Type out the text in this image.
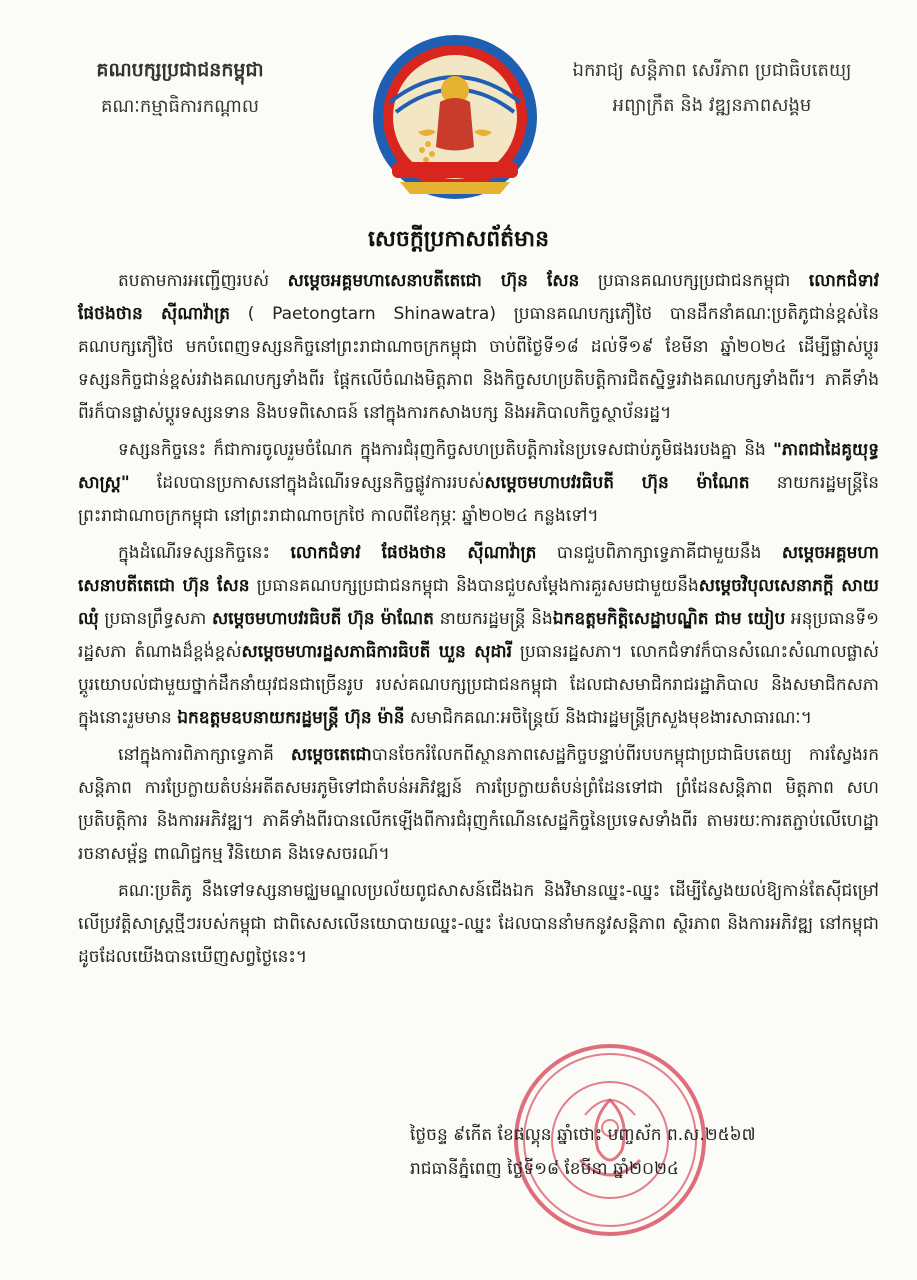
គណបក្សប្រជាជនកម្ពុជា
គណៈកម្មាធិការកណ្តាល
ឯករាជ្យ សន្តិភាព សេរីភាព ប្រជាធិបតេយ្យ
អព្យាក្រឹត និង វឌ្ឍនភាពសង្គម
សេចក្តីប្រកាសព័ត៌មាន

តបតាមការអញ្ជើញរបស់ សម្តេចអគ្គមហាសេនាបតីតេជោ ហ៊ុន សែន ប្រធានគណបក្សប្រជាជនកម្ពុជា លោកជំទាវ ផែថងថាន ស៊ីណាវ៉ាត្រ ( Paetongtarn Shinawatra) ប្រធានគណបក្សភឿថៃ បានដឹកនាំគណៈប្រតិភូជាន់ខ្ពស់នៃគណបក្សភឿថៃ មកបំពេញទស្សនកិច្ចនៅព្រះរាជាណាចក្រកម្ពុជា ចាប់ពីថ្ងៃទី១៨ ដល់ទី១៩ ខែមីនា ឆ្នាំ២០២៤ ដើម្បីផ្លាស់ប្តូរទស្សនកិច្ចជាន់ខ្ពស់រវាងគណបក្សទាំងពីរ ផ្តែកលើចំណងមិត្តភាព និងកិច្ចសហប្រតិបត្តិការជិតស្និទ្ធរវាងគណបក្សទាំងពីរ។ ភាគីទាំងពីរក៏បានផ្លាស់ប្តូរទស្សនទាន និងបទពិសោធន៍ នៅក្នុងការកសាងបក្ស និងអភិបាលកិច្ចស្ថាប័នរដ្ឋ។

ទស្សនកិច្ចនេះ ក៏ជាការចូលរួមចំណែក ក្នុងការជំរុញកិច្ចសហប្រតិបត្តិការនៃប្រទេសជាប់ភូមិផងរបងគ្នា និង "ភាពជាដៃគូយុទ្ធសាស្ត្រ" ដែលបានប្រកាសនៅក្នុងដំណើរទស្សនកិច្ចផ្លូវការរបស់សម្តេចមហាបវរធិបតី ហ៊ុន ម៉ាណែត នាយករដ្ឋមន្ត្រីនៃព្រះរាជាណាចក្រកម្ពុជា នៅព្រះរាជាណាចក្រថៃ កាលពីខែកុម្ភៈ ឆ្នាំ២០២៤ កន្លងទៅ។

ក្នុងដំណើរទស្សនកិច្ចនេះ លោកជំទាវ ផែថងថាន ស៊ីណាវ៉ាត្រ បានជួបពិភាក្សាទ្វេភាគីជាមួយនឹង សម្តេចអគ្គមហាសេនាបតីតេជោ ហ៊ុន សែន ប្រធានគណបក្សប្រជាជនកម្ពុជា និងបានជួបសម្តែងការគួរសមជាមួយនឹងសម្តេចវិបុលសេនាភក្តី សាយ ឈុំ ប្រធានព្រឹទ្ធសភា សម្តេចមហាបវរធិបតី ហ៊ុន ម៉ាណែត នាយករដ្ឋមន្ត្រី និងឯកឧត្តមកិត្តិសេដ្ឋាបណ្ឌិត ជាម យៀប អនុប្រធានទី១ រដ្ឋសភា តំណាងដ៏ខ្ពង់ខ្ពស់សម្តេចមហារដ្ឋសភាធិការធិបតី ឃួន សុដារី ប្រធានរដ្ឋសភា។ លោកជំទាវក៏បានសំណេះសំណាលផ្លាស់ប្តូរយោបល់ជាមួយថ្នាក់ដឹកនាំយុវជនជាច្រើនរូប របស់គណបក្សប្រជាជនកម្ពុជា ដែលជាសមាជិករាជរដ្ឋាភិបាល និងសមាជិកសភា ក្នុងនោះរួមមាន ឯកឧត្តមឧបនាយករដ្ឋមន្ត្រី ហ៊ុន ម៉ានី សមាជិកគណៈអចិន្ត្រៃយ៍ និងជារដ្ឋមន្ត្រីក្រសួងមុខងារសាធារណៈ។

នៅក្នុងការពិភាក្សាទ្វេភាគី សម្តេចតេជោបានចែករំលែកពីស្ថានភាពសេដ្ឋកិច្ចបន្ទាប់ពីរបបកម្ពុជាប្រជាធិបតេយ្យ ការស្វែងរកសន្តិភាព ការប្រែក្លាយតំបន់អតីតសមរភូមិទៅជាតំបន់អភិវឌ្ឍន៍ ការប្រែក្លាយតំបន់ព្រំដែនទៅជា ព្រំដែនសន្តិភាព មិត្តភាព សហប្រតិបត្តិការ និងការអភិវឌ្ឍ។ ភាគីទាំងពីរបានលើកឡើងពីការជំរុញកំណើនសេដ្ឋកិច្ចនៃប្រទេសទាំងពីរ តាមរយៈការតភ្ជាប់លើហេដ្ឋារចនាសម្ព័ន្ធ ពាណិជ្ជកម្ម វិនិយោគ និងទេសចរណ៍។

គណៈប្រតិភូ នឹងទៅទស្សនាមជ្ឈមណ្ឌលប្រល័យពូជសាសន៍ជើងឯក និងវិមានឈ្នះ-ឈ្នះ ដើម្បីស្វែងយល់ឱ្យកាន់តែស៊ីជម្រៅ លើប្រវត្តិសាស្ត្រថ្មីៗរបស់កម្ពុជា ជាពិសេសលើនយោបាយឈ្នះ-ឈ្នះ ដែលបាននាំមកនូវសន្តិភាព ស្ថិរភាព និងការអភិវឌ្ឍ នៅកម្ពុជា ដូចដែលយើងបានឃើញសព្វថ្ងៃនេះ។

ថ្ងៃចន្ទ ៩កើត ខែផល្គុន ឆ្នាំថោះ បញ្ចស័ក ព.ស.២៥៦៧
រាជធានីភ្នំពេញ ថ្ងៃទី១៨ ខែមីនា ឆ្នាំ២០២៤
